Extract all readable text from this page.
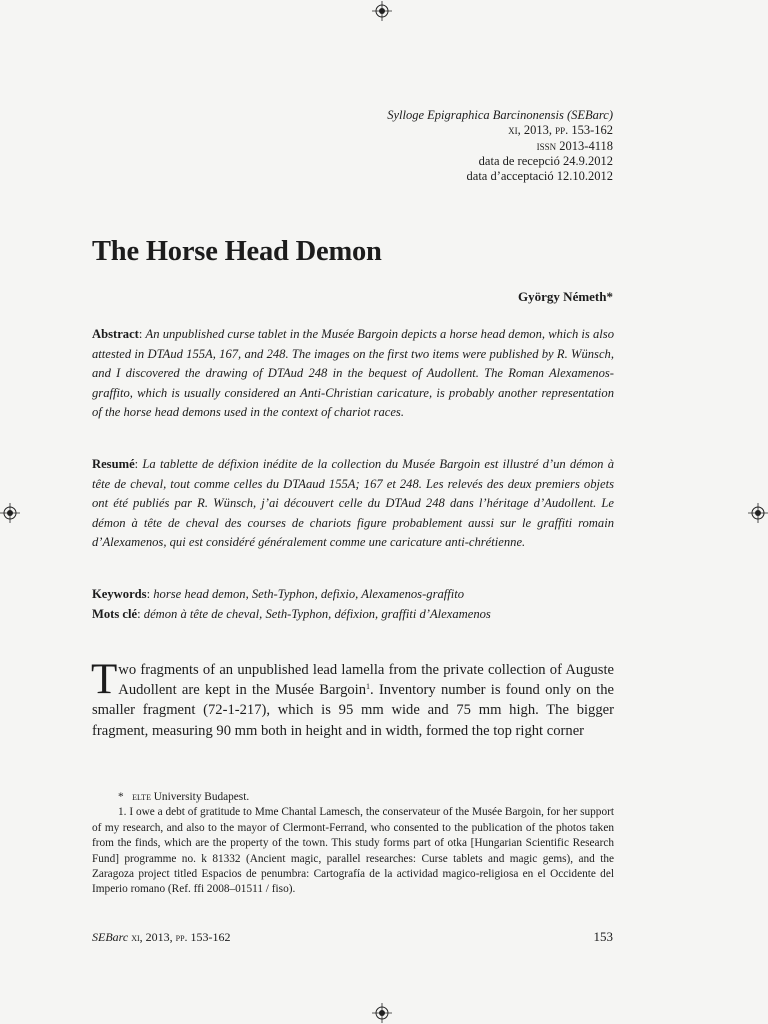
Sylloge Epigraphica Barcinonensis (SEBarc)
xi, 2013, pp. 153-162
issn 2013-4118
data de recepció 24.9.2012
data d’acceptació 12.10.2012
The Horse Head Demon
György Németh*
Abstract: An unpublished curse tablet in the Musée Bargoin depicts a horse head demon, which is also attested in DTAud 155A, 167, and 248. The images on the first two items were published by R. Wünsch, and I discovered the drawing of DTAud 248 in the bequest of Audollent. The Roman Alexamenos-graffito, which is usually considered an Anti-Christian caricature, is probably another representation of the horse head demons used in the context of chariot races.
Resumé: La tablette de défixion inédite de la collection du Musée Bargoin est illustré d’un démon à tête de cheval, tout comme celles du DTAaud 155A; 167 et 248. Les relevés des deux premiers objets ont été publiés par R. Wünsch, j’ai découvert celle du DTAud 248 dans l’héritage d’Audollent. Le démon à tête de cheval des courses de chariots figure probablement aussi sur le graffiti romain d’Alexamenos, qui est considéré généralement comme une caricature anti-chrétienne.
Keywords: horse head demon, Seth-Typhon, defixio, Alexamenos-graffito
Mots clé: démon à tête de cheval, Seth-Typhon, défixion, graffiti d’Alexamenos
Two fragments of an unpublished lead lamella from the private collection of Auguste Audollent are kept in the Musée Bargoin$^1$. Inventory number is found only on the smaller fragment (72-1-217), which is 95 mm wide and 75 mm high. The bigger fragment, measuring 90 mm both in height and in width, formed the top right corner
* elte University Budapest.
1. I owe a debt of gratitude to Mme Chantal Lamesch, the conservateur of the Musée Bargoin, for her support of my research, and also to the mayor of Clermont-Ferrand, who consented to the publication of the photos taken from the finds, which are the property of the town. This study forms part of otka [Hungarian Scientific Research Fund] programme no. k 81332 (Ancient magic, parallel researches: Curse tablets and magic gems), and the Zaragoza project titled Espacios de penumbra: Cartografía de la actividad magico-religiosa en el Occidente del Imperio romano (Ref. ffi 2008–01511 / fiso).
SEBarc xi, 2013, pp. 153-162	153
